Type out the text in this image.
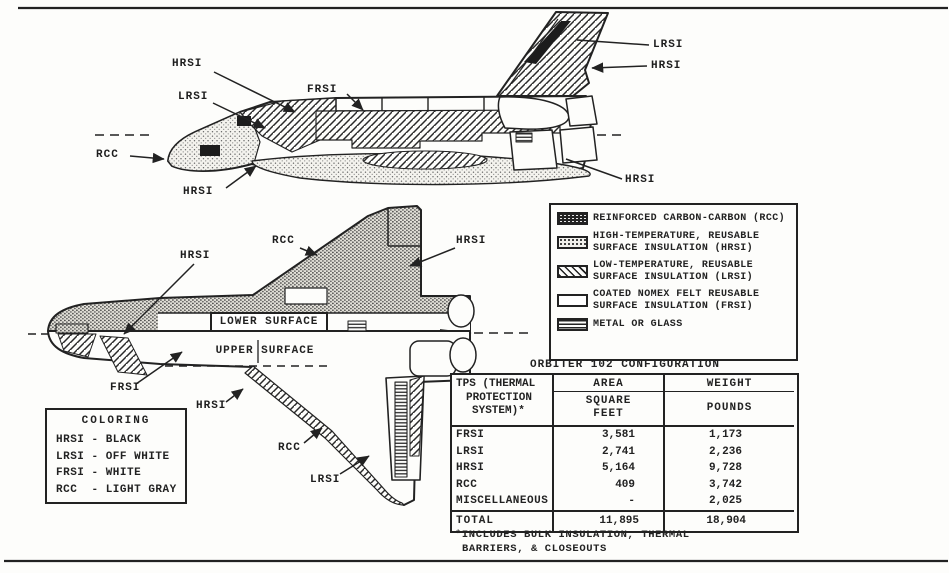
HRSI
LRSI
RCC
FRSI
HRSI
LRSI
HRSI
HRSI
HRSI
RCC	HRSI
LOWER SURFACE
UPPER SURFACE
FRSI
HRSI
RCC
LRSI
COLORING
HRSI - BLACK
LRSI - OFF WHITE
FRSI - WHITE
RCC  - LIGHT GRAY
REINFORCED CARBON-CARBON (RCC)
HIGH-TEMPERATURE, REUSABLE
SURFACE INSULATION (HRSI)
LOW-TEMPERATURE, REUSABLE
SURFACE INSULATION (LRSI)
COATED NOMEX FELT REUSABLE
SURFACE INSULATION (FRSI)
METAL OR GLASS
ORBITER 102 CONFIGURATION
TPS (THERMAL
PROTECTION
SYSTEM)*
AREA	WEIGHT
SQUARE
FEET	POUNDS
FRSI	3,581	1,173
LRSI	2,741	2,236
HRSI	5,164	9,728
RCC	409	3,742
MISCELLANEOUS	-	2,025
TOTAL	11,895	18,904
*INCLUDES BULK INSULATION, THERMAL
BARRIERS, & CLOSEOUTS
